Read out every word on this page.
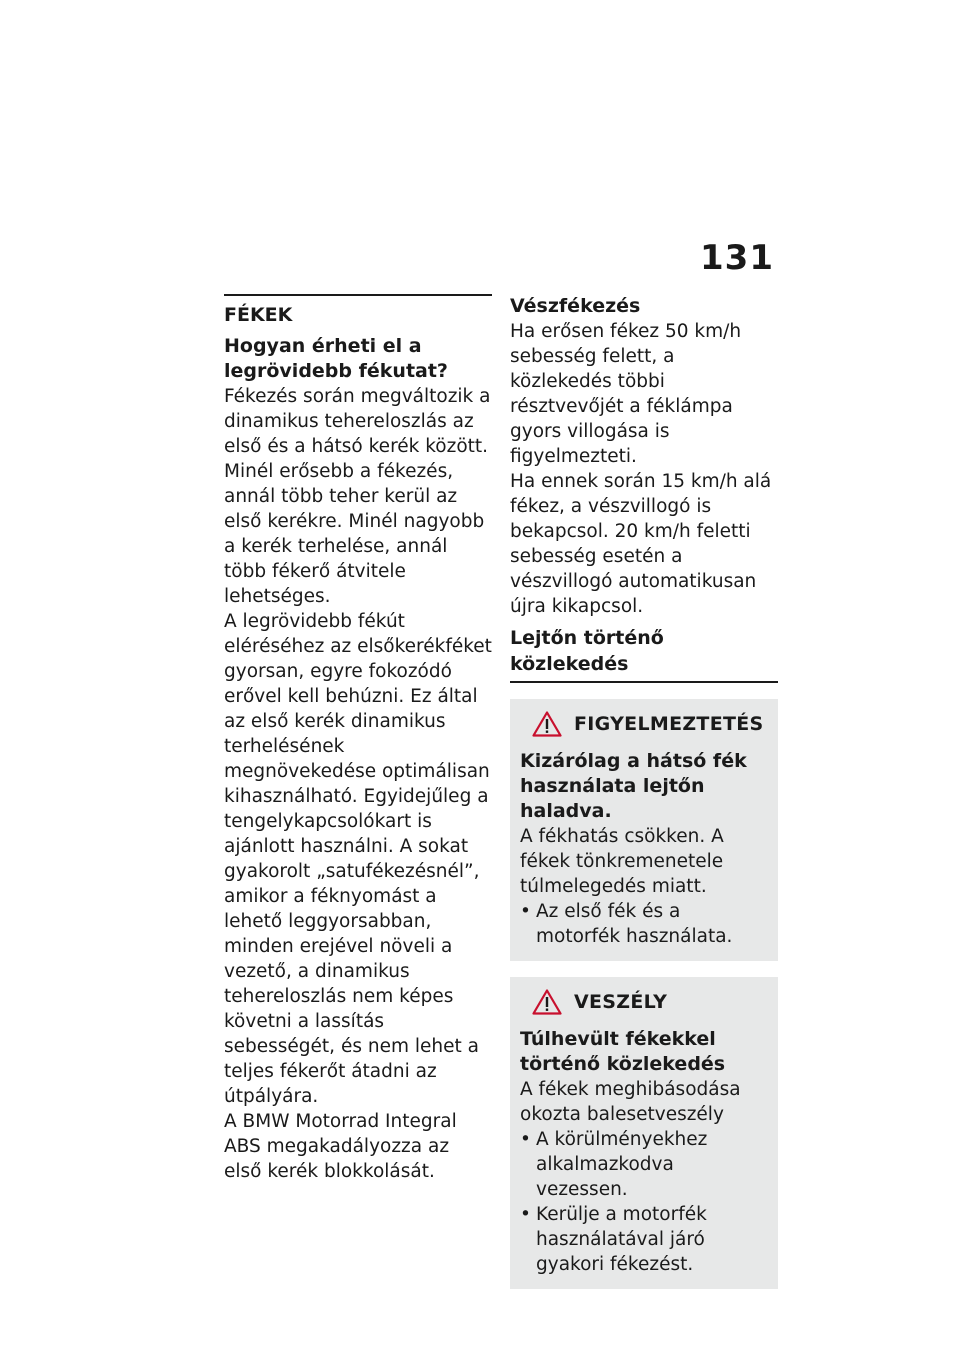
131

FÉKEK

Hogyan érheti el a legrövidebb fékutat?

Fékezés során megváltozik a dinamikus tehereloszlás az első és a hátsó kerék között. Minél erősebb a fékezés, annál több teher kerül az első kerékre. Minél nagyobb a kerék terhelése, annál több fékerő átvitele lehetséges.

A legrövidebb fékút eléréséhez az elsőkerékféket gyorsan, egyre fokozódó erővel kell behúzni. Ez által az első kerék dinamikus terhelésének megnövekedése optimálisan kihasználható. Egyidejűleg a tengelykapcsolókart is ajánlott használni. A sokat gyakorolt „satufékezésnél”, amikor a féknyomást a lehető leggyorsabban, minden erejével növeli a vezető, a dinamikus tehereloszlás nem képes követni a lassítás sebességét, és nem lehet a teljes fékerőt átadni az útpályára.

A BMW Motorrad Integral ABS megakadályozza az első kerék blokkolását.

Vészfékezés

Ha erősen fékez 50 km/h sebesség felett, a közlekedés többi résztvevőjét a féklámpa gyors villogása is figyelmezteti.

Ha ennek során 15 km/h alá fékez, a vészvillogó is bekapcsol. 20 km/h feletti sebesség esetén a vészvillogó automatikusan újra kikapcsol.

Lejtőn történő közlekedés

FIGYELMEZTETÉS

Kizárólag a hátsó fék használata lejtőn haladva.

A fékhatás csökken. A fékek tönkremenetele túlmelegedés miatt.

• Az első fék és a motorfék használata.
VESZÉLY

Túlhevült fékekkel történő közlekedés

A fékek meghibásodása okozta balesetveszély

• A körülményekhez alkalmazkodva vezessen.
• Kerülje a motorfék használatával járó gyakori fékezést.
